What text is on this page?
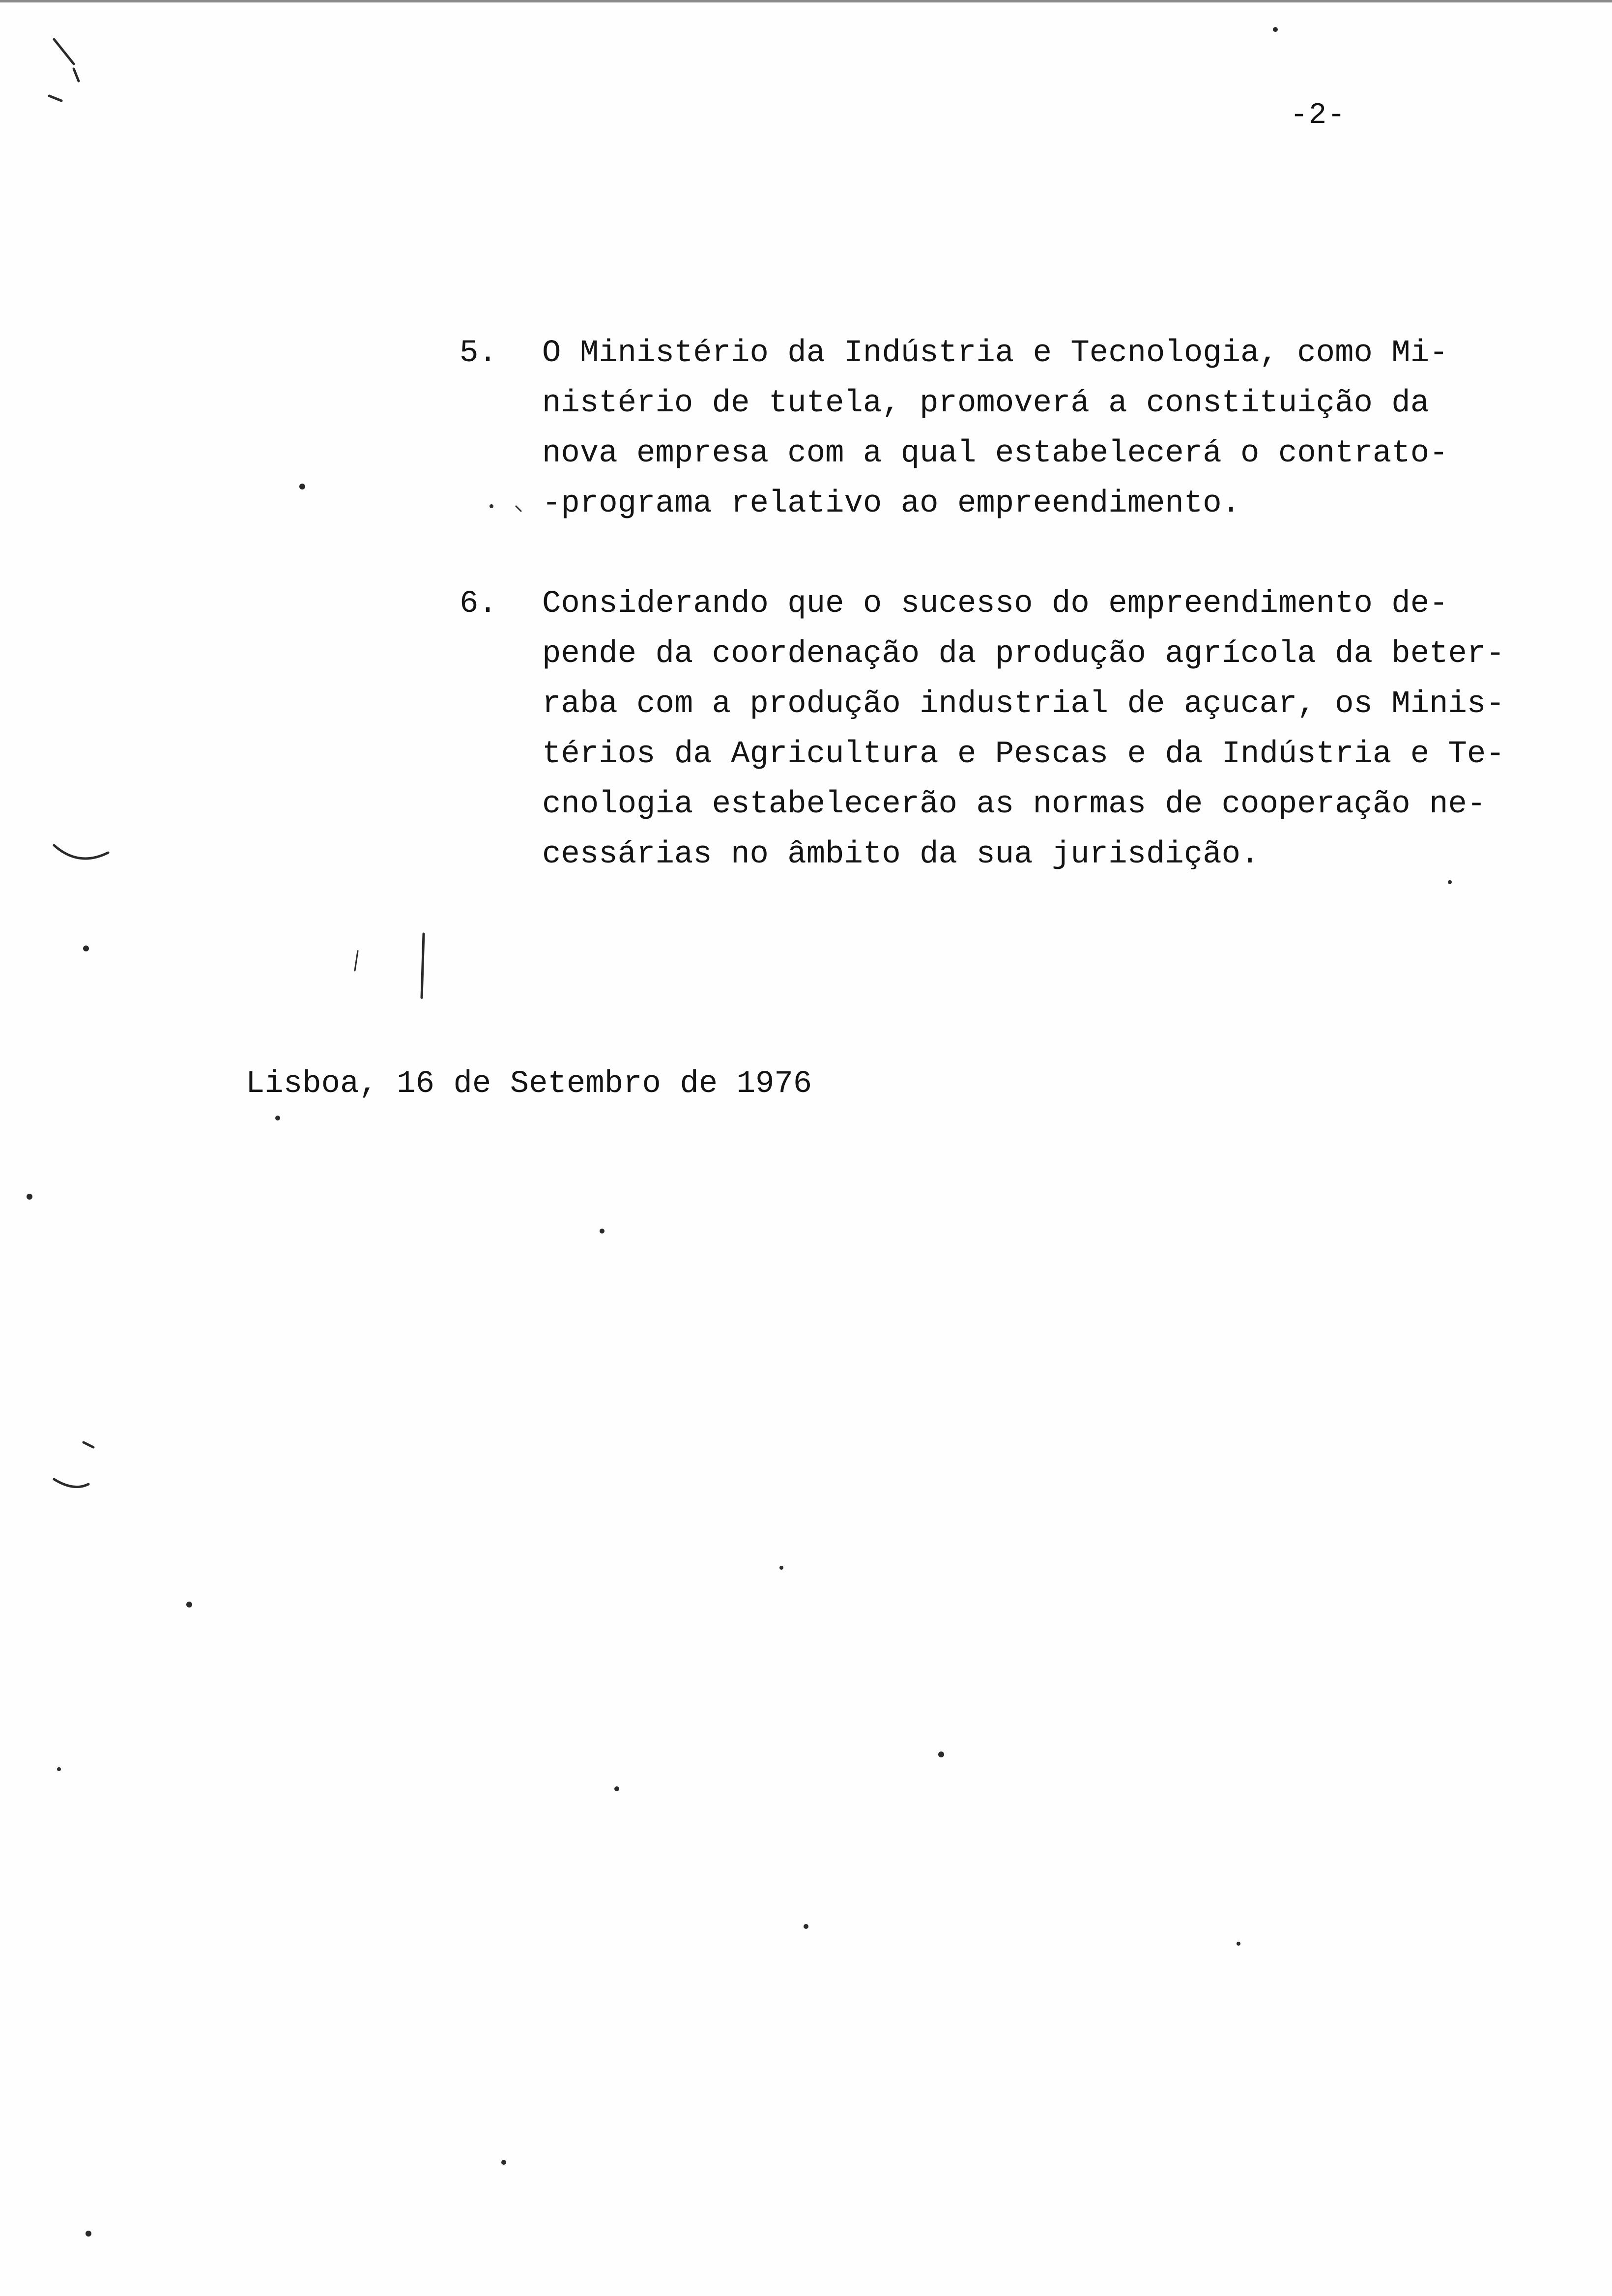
-2-
5. O Ministério da Indústria e Tecnologia, como Mi-
nistério de tutela, promoverá a constituição da
nova empresa com a qual estabelecerá o contrato-
-programa relativo ao empreendimento.
6. Considerando que o sucesso do empreendimento de-
pende da coordenação da produção agrícola da beter-
raba com a produção industrial de açucar, os Minis-
térios da Agricultura e Pescas e da Indústria e Te-
cnologia estabelecerão as normas de cooperação ne-
cessárias no âmbito da sua jurisdição.
Lisboa, 16 de Setembro de 1976
